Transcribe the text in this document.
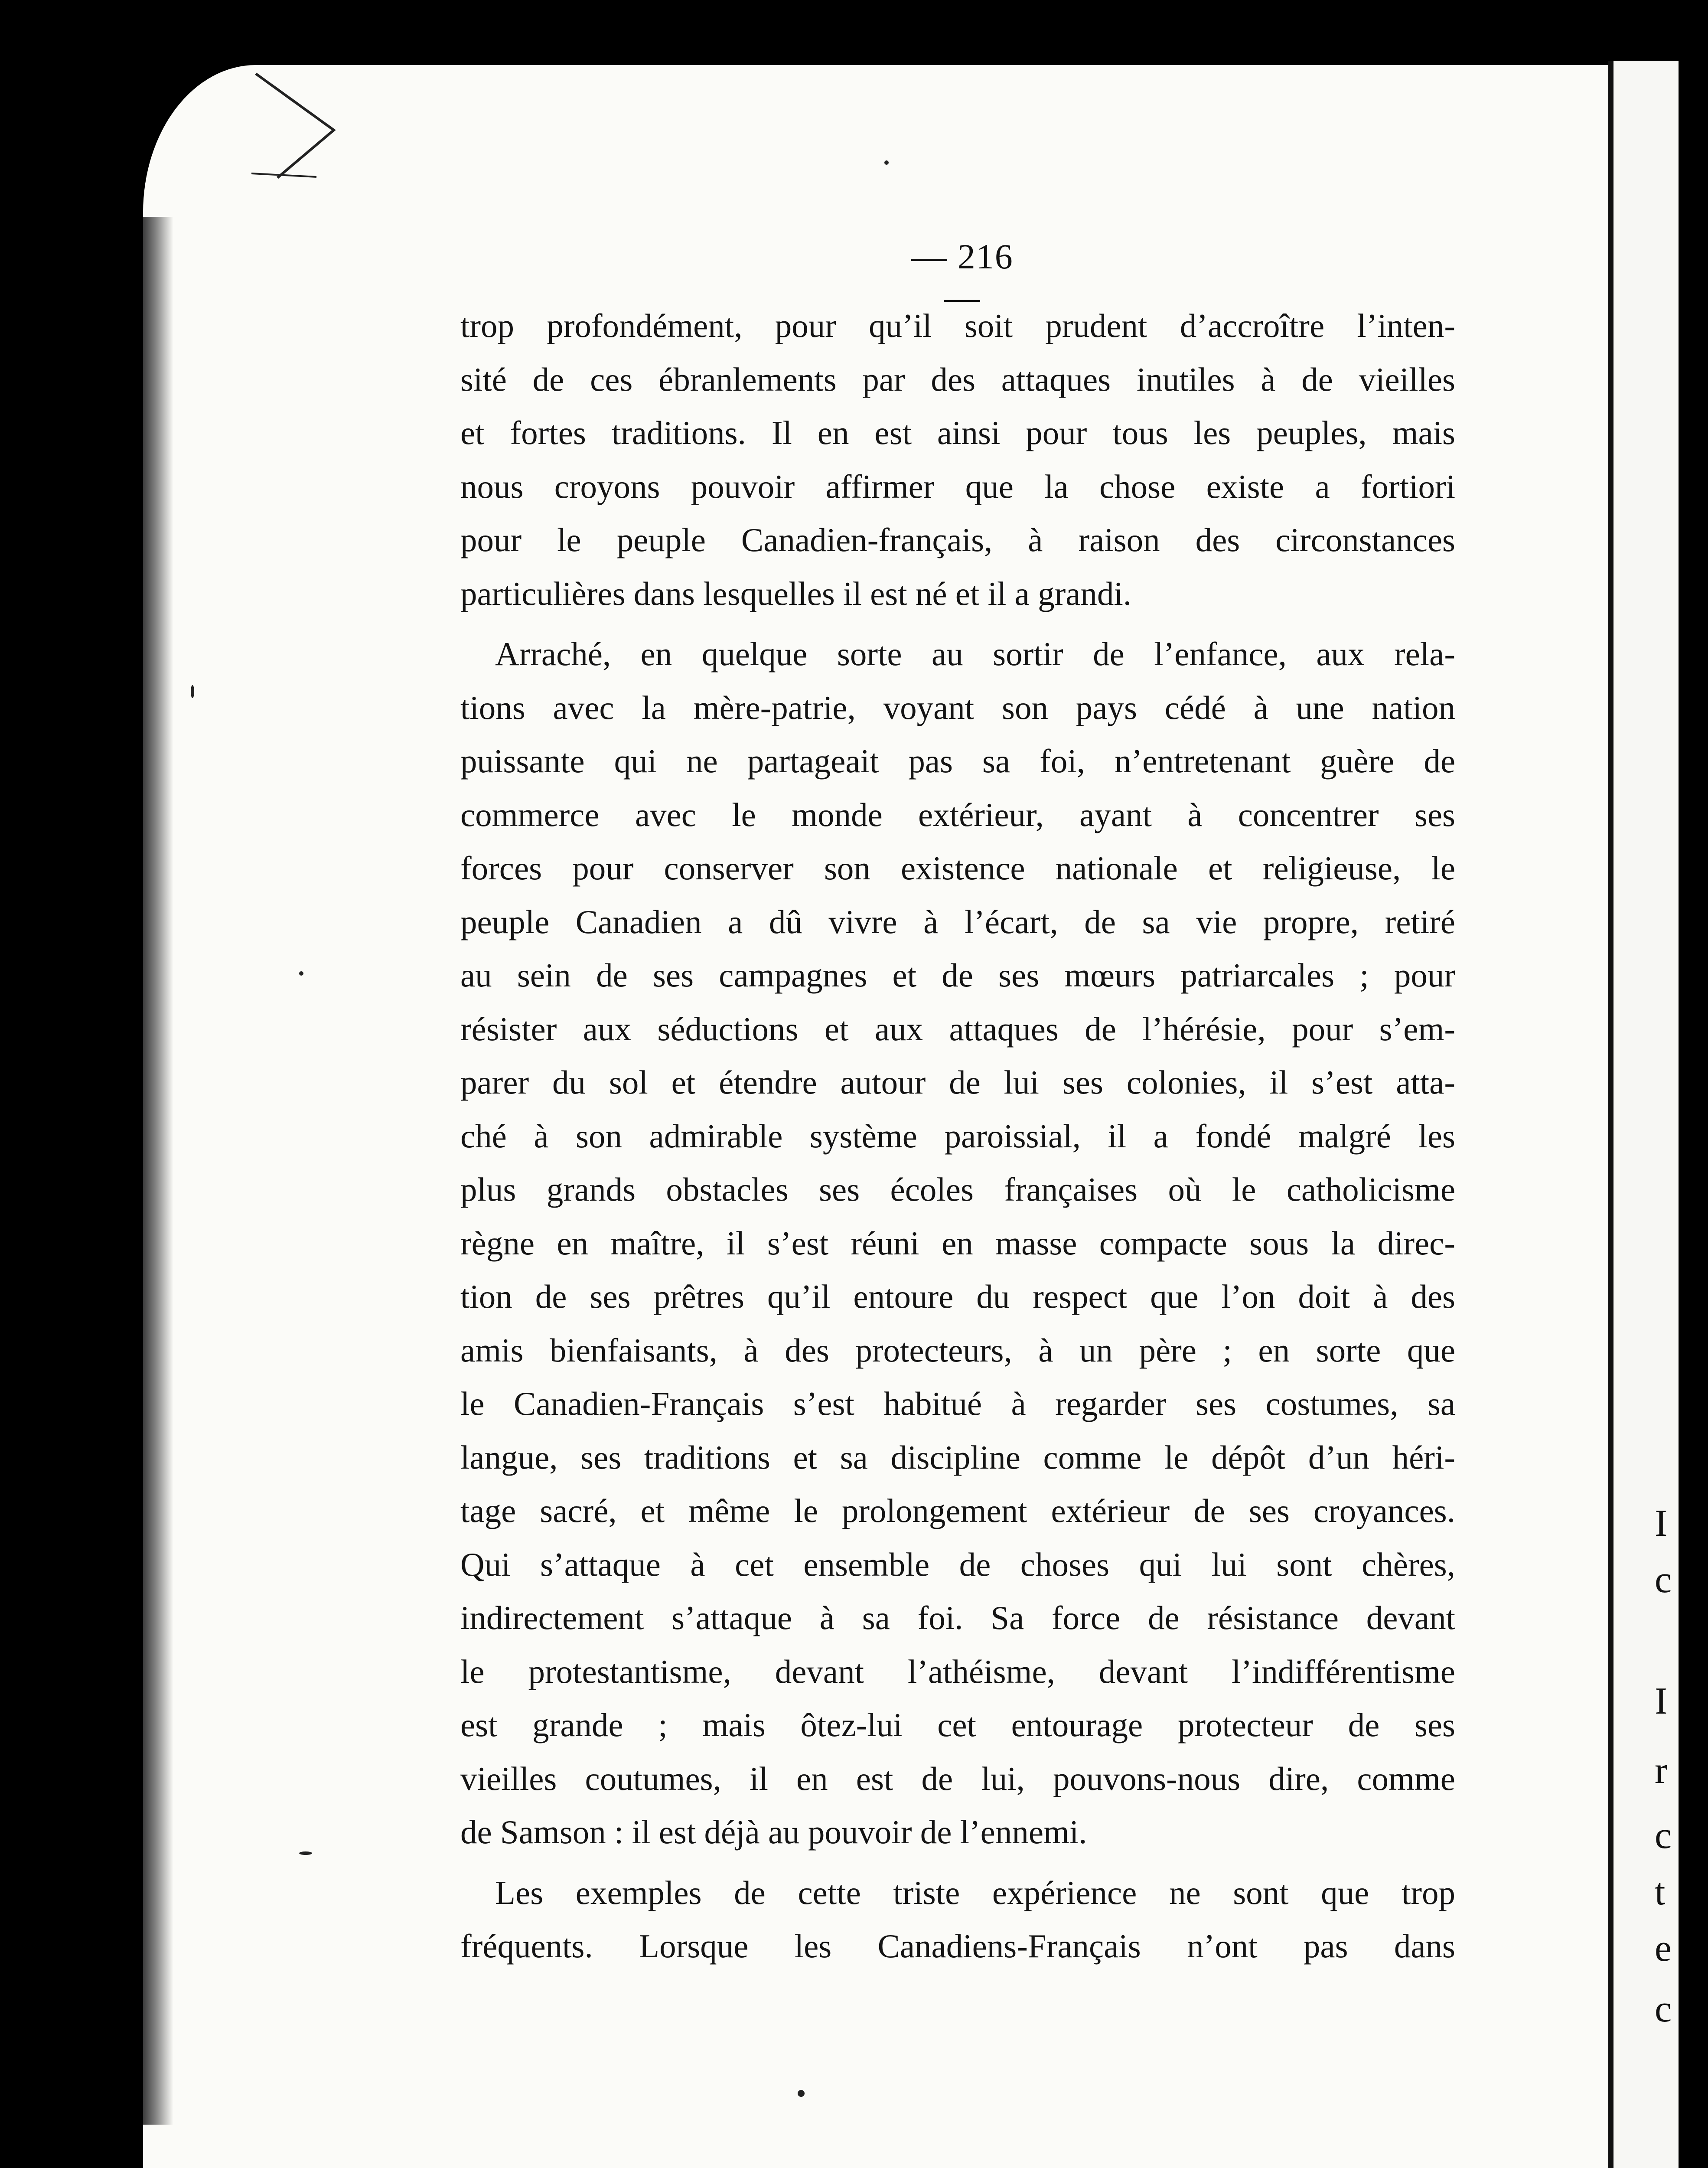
I
c
I
r
c
t
e
c
— 216 —
trop profondément, pour qu’il soit prudent d’accroître l’inten-
sité de ces ébranlements par des attaques inutiles à de vieilles
et fortes traditions. Il en est ainsi pour tous les peuples, mais
nous croyons pouvoir affirmer que la chose existe a fortiori
pour le peuple Canadien-français, à raison des circonstances
particulières dans lesquelles il est né et il a grandi.
Arraché, en quelque sorte au sortir de l’enfance, aux rela-
tions avec la mère-patrie, voyant son pays cédé à une nation
puissante qui ne partageait pas sa foi, n’entretenant guère de
commerce avec le monde extérieur, ayant à concentrer ses
forces pour conserver son existence nationale et religieuse, le
peuple Canadien a dû vivre à l’écart, de sa vie propre, retiré
au sein de ses campagnes et de ses mœurs patriarcales ; pour
résister aux séductions et aux attaques de l’hérésie, pour s’em-
parer du sol et étendre autour de lui ses colonies, il s’est atta-
ché à son admirable système paroissial, il a fondé malgré les
plus grands obstacles ses écoles françaises où le catholicisme
règne en maître, il s’est réuni en masse compacte sous la direc-
tion de ses prêtres qu’il entoure du respect que l’on doit à des
amis bienfaisants, à des protecteurs, à un père ; en sorte que
le Canadien-Français s’est habitué à regarder ses costumes, sa
langue, ses traditions et sa discipline comme le dépôt d’un héri-
tage sacré, et même le prolongement extérieur de ses croyances.
Qui s’attaque à cet ensemble de choses qui lui sont chères,
indirectement s’attaque à sa foi. Sa force de résistance devant
le protestantisme, devant l’athéisme, devant l’indifférentisme
est grande ; mais ôtez-lui cet entourage protecteur de ses
vieilles coutumes, il en est de lui, pouvons-nous dire, comme
de Samson : il est déjà au pouvoir de l’ennemi.
Les exemples de cette triste expérience ne sont que trop
fréquents. Lorsque les Canadiens-Français n’ont pas dans
